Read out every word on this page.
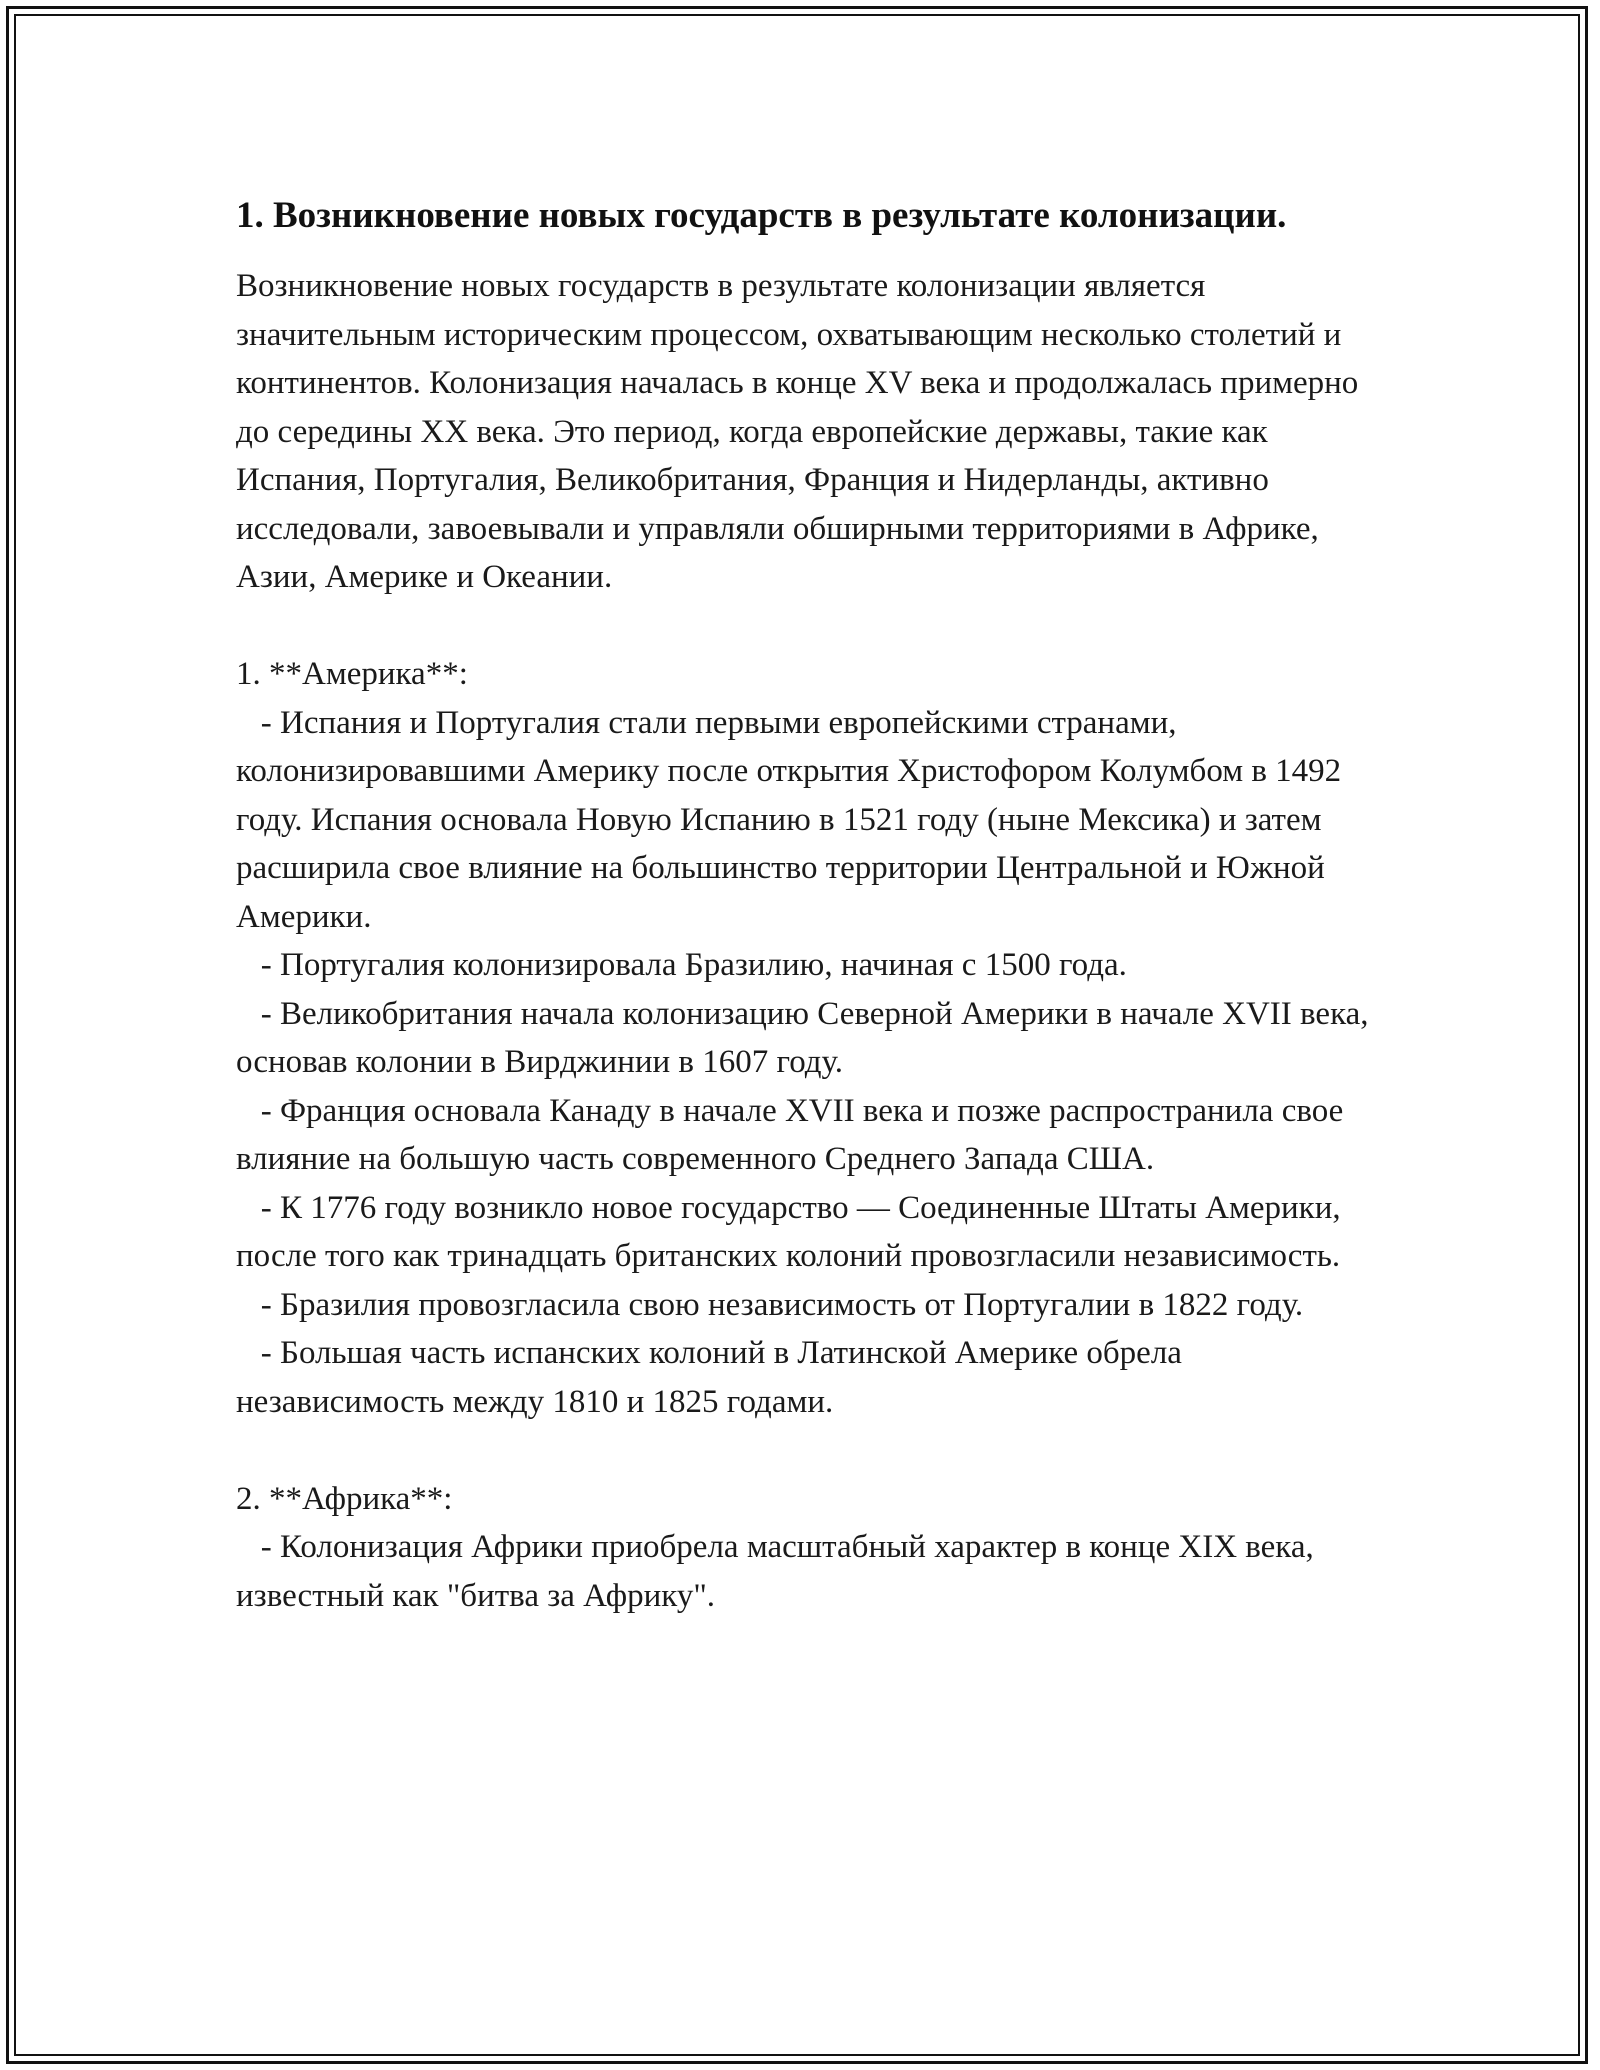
1. Возникновение новых государств в результате колонизации.

Возникновение новых государств в результате колонизации является значительным историческим процессом, охватывающим несколько столетий и континентов. Колонизация началась в конце XV века и продолжалась примерно до середины XX века. Это период, когда европейские державы, такие как Испания, Португалия, Великобритания, Франция и Нидерланды, активно исследовали, завоевывали и управляли обширными территориями в Африке, Азии, Америке и Океании.

1. **Америка**:

- Испания и Португалия стали первыми европейскими странами, колонизировавшими Америку после открытия Христофором Колумбом в 1492 году. Испания основала Новую Испанию в 1521 году (ныне Мексика) и затем расширила свое влияние на большинство территории Центральной и Южной Америки.

- Португалия колонизировала Бразилию, начиная с 1500 года.

- Великобритания начала колонизацию Северной Америки в начале XVII века, основав колонии в Вирджинии в 1607 году.

- Франция основала Канаду в начале XVII века и позже распространила свое влияние на большую часть современного Среднего Запада США.

- К 1776 году возникло новое государство — Соединенные Штаты Америки, после того как тринадцать британских колоний провозгласили независимость.

- Бразилия провозгласила свою независимость от Португалии в 1822 году.

- Большая часть испанских колоний в Латинской Америке обрела независимость между 1810 и 1825 годами.

2. **Африка**:

- Колонизация Африки приобрела масштабный характер в конце XIX века, известный как "битва за Африку".
